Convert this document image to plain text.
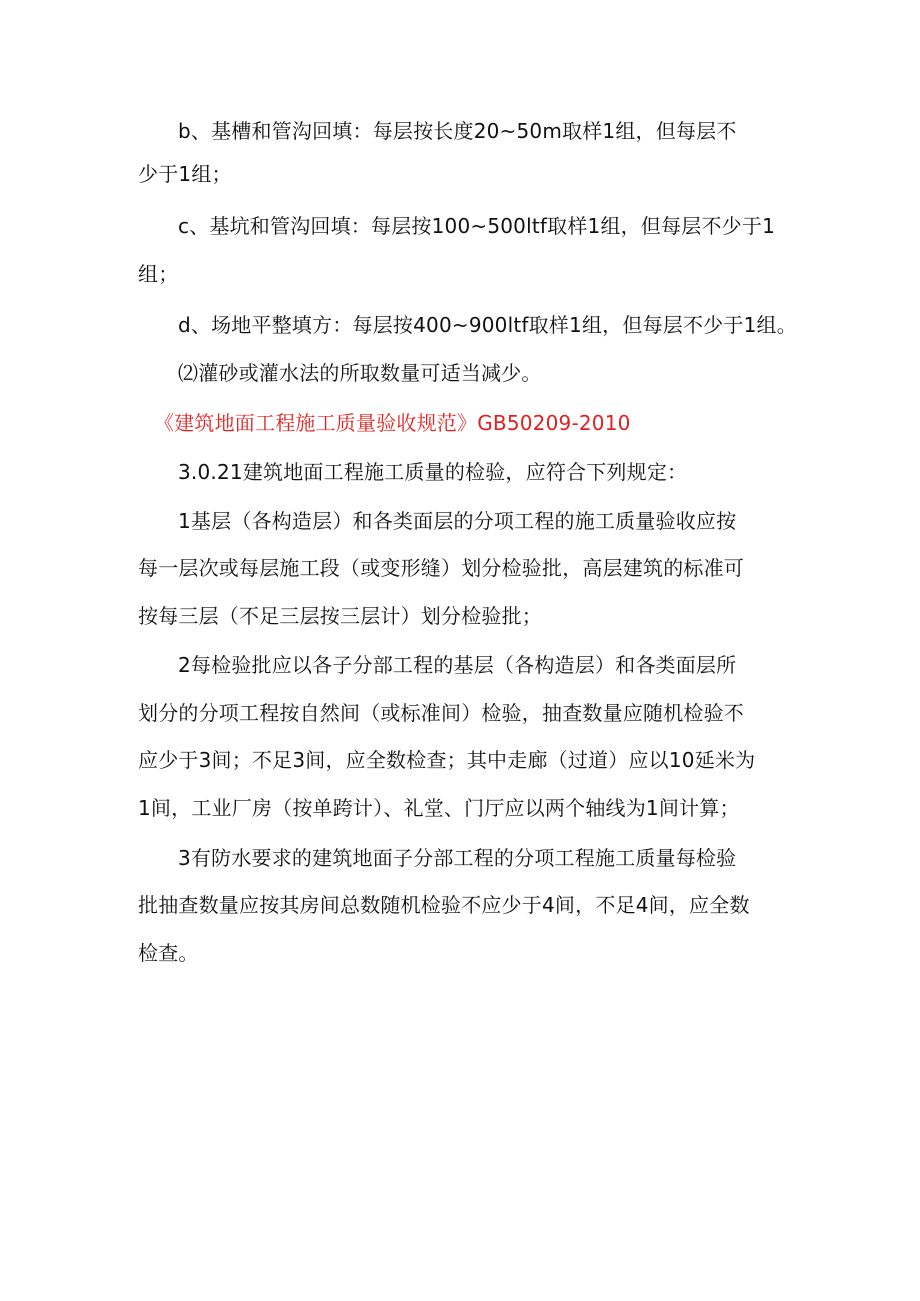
b、基槽和管沟回填：每层按长度20~50m取样1组，但每层不
少于1组；
c、基坑和管沟回填：每层按100~500ltf取样1组，但每层不少于1
组；
d、场地平整填方：每层按400~900ltf取样1组，但每层不少于1组。
⑵灌砂或灌水法的所取数量可适当减少。
《建筑地面工程施工质量验收规范》GB50209-2010
3.0.21建筑地面工程施工质量的检验，应符合下列规定：
1基层（各构造层）和各类面层的分项工程的施工质量验收应按
每一层次或每层施工段（或变形缝）划分检验批，高层建筑的标准可
按每三层（不足三层按三层计）划分检验批；
2每检验批应以各子分部工程的基层（各构造层）和各类面层所
划分的分项工程按自然间（或标准间）检验，抽查数量应随机检验不
应少于3间；不足3间，应全数检查；其中走廊（过道）应以10延米为
1间，工业厂房（按单跨计）、礼堂、门厅应以两个轴线为1间计算；
3有防水要求的建筑地面子分部工程的分项工程施工质量每检验
批抽查数量应按其房间总数随机检验不应少于4间，不足4间，应全数
检查。
